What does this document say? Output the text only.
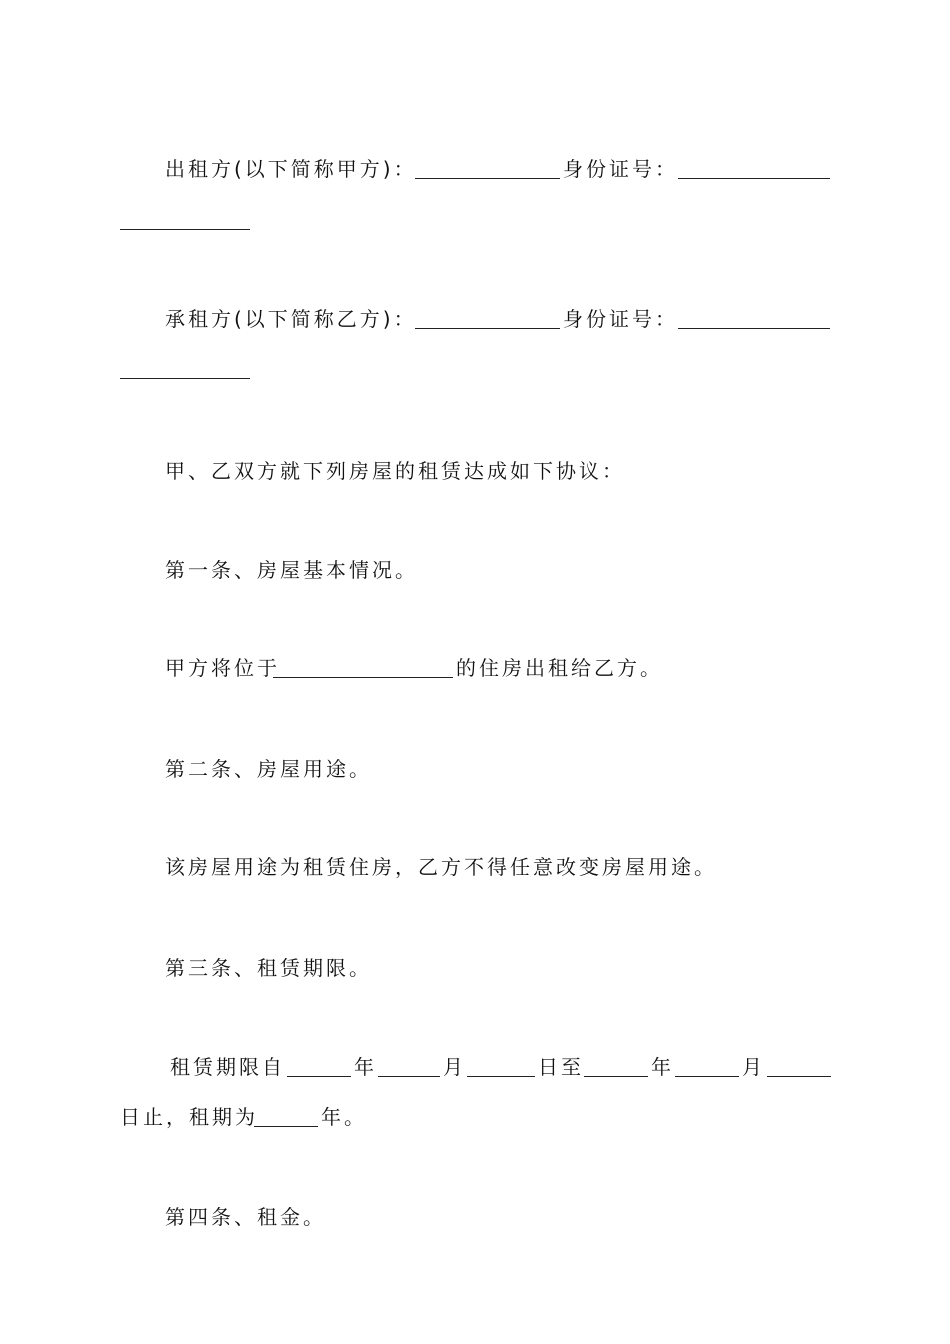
出租方(以下简称甲方)：	身份证号：
承租方(以下简称乙方)：	身份证号：
甲、乙双方就下列房屋的租赁达成如下协议：
第一条、房屋基本情况。
甲方将位于	的住房出租给乙方。
第二条、房屋用途。
该房屋用途为租赁住房，乙方不得任意改变房屋用途。
第三条、租赁期限。
租赁期限自	年	月	日至	年	月
日止，租期为	年。
第四条、租金。
